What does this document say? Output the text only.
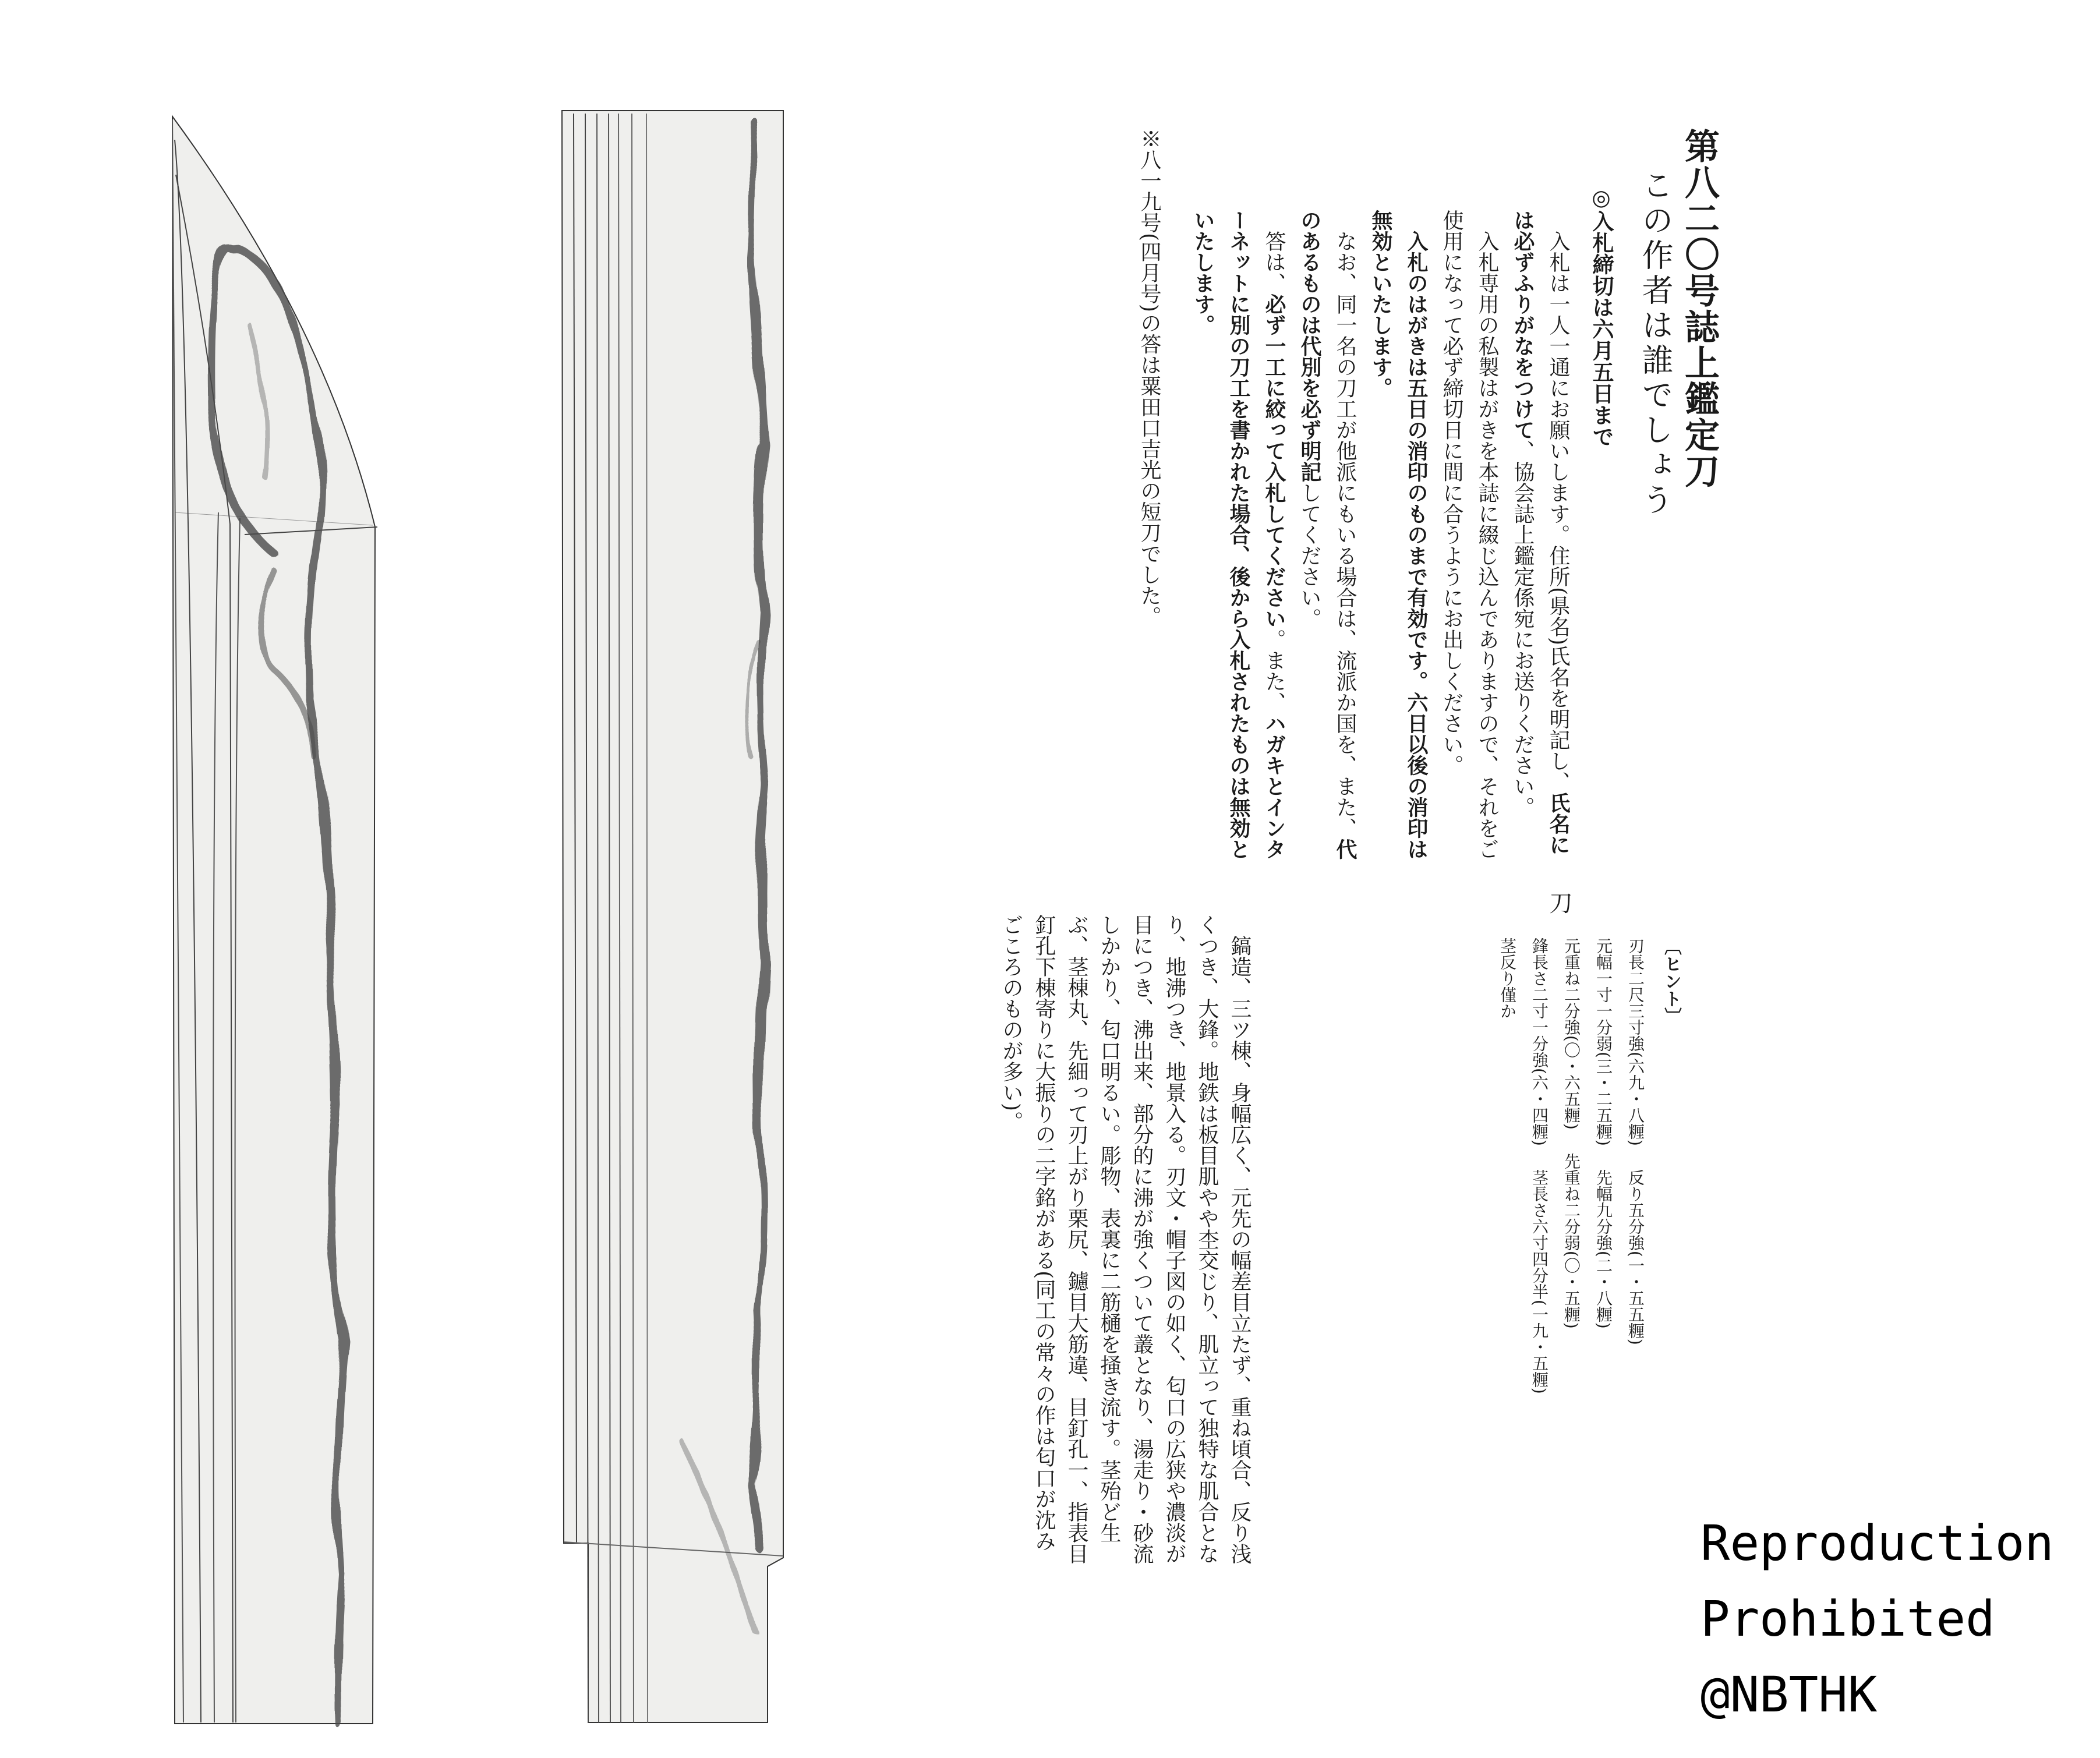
第八二〇号誌上鑑定刀
この作者は誰でしょう
◎入札締切は六月五日まで

入札は一人一通にお願いします。住所(県名)氏名を明記し、氏名には必ずふりがなをつけて、協会誌上鑑定係宛にお送りください。

入札専用の私製はがきを本誌に綴じ込んでありますので、それをご使用になって必ず締切日に間に合うようにお出しください。

入札のはがきは五日の消印のものまで有効です。六日以後の消印は無効といたします。

なお、同一名の刀工が他派にもいる場合は、流派か国を、また、代のあるものは代別を必ず明記してください。

答は、必ず一工に絞って入札してください。また、ハガキとインターネットに別の刀工を書かれた場合、後から入札されたものは無効といたします。

※八一九号(四月号)の答は粟田口吉光の短刀でした。
〔ヒント〕
刀
刃長二尺三寸強(六九・八糎)反り五分強(一・五五糎)
元幅一寸一分弱(三・二五糎)先幅九分強(二・八糎)
元重ね二分強(〇・六五糎)先重ね二分弱(〇・五糎)
鋒長さ二寸一分強(六・四糎)茎長さ六寸四分半(一九・五糎)
茎反り僅か

鎬造、三ツ棟、身幅広く、元先の幅差目立たず、重ね頃合、反り浅くつき、大鋒。地鉄は板目肌やや杢交じり、肌立って独特な肌合となり、地沸つき、地景入る。刃文・帽子図の如く、匂口の広狭や濃淡が目につき、沸出来、部分的に沸が強くついて叢となり、湯走り・砂流しかかり、匂口明るい。彫物、表裏に二筋樋を掻き流す。茎殆ど生ぶ、茎棟丸、先細って刃上がり栗尻、鑢目大筋違、目釘孔一、指表目釘孔下棟寄りに大振りの二字銘がある(同工の常々の作は匂口が沈みごころのものが多い)。

Reproduction
Prohibited
@NBTHK
